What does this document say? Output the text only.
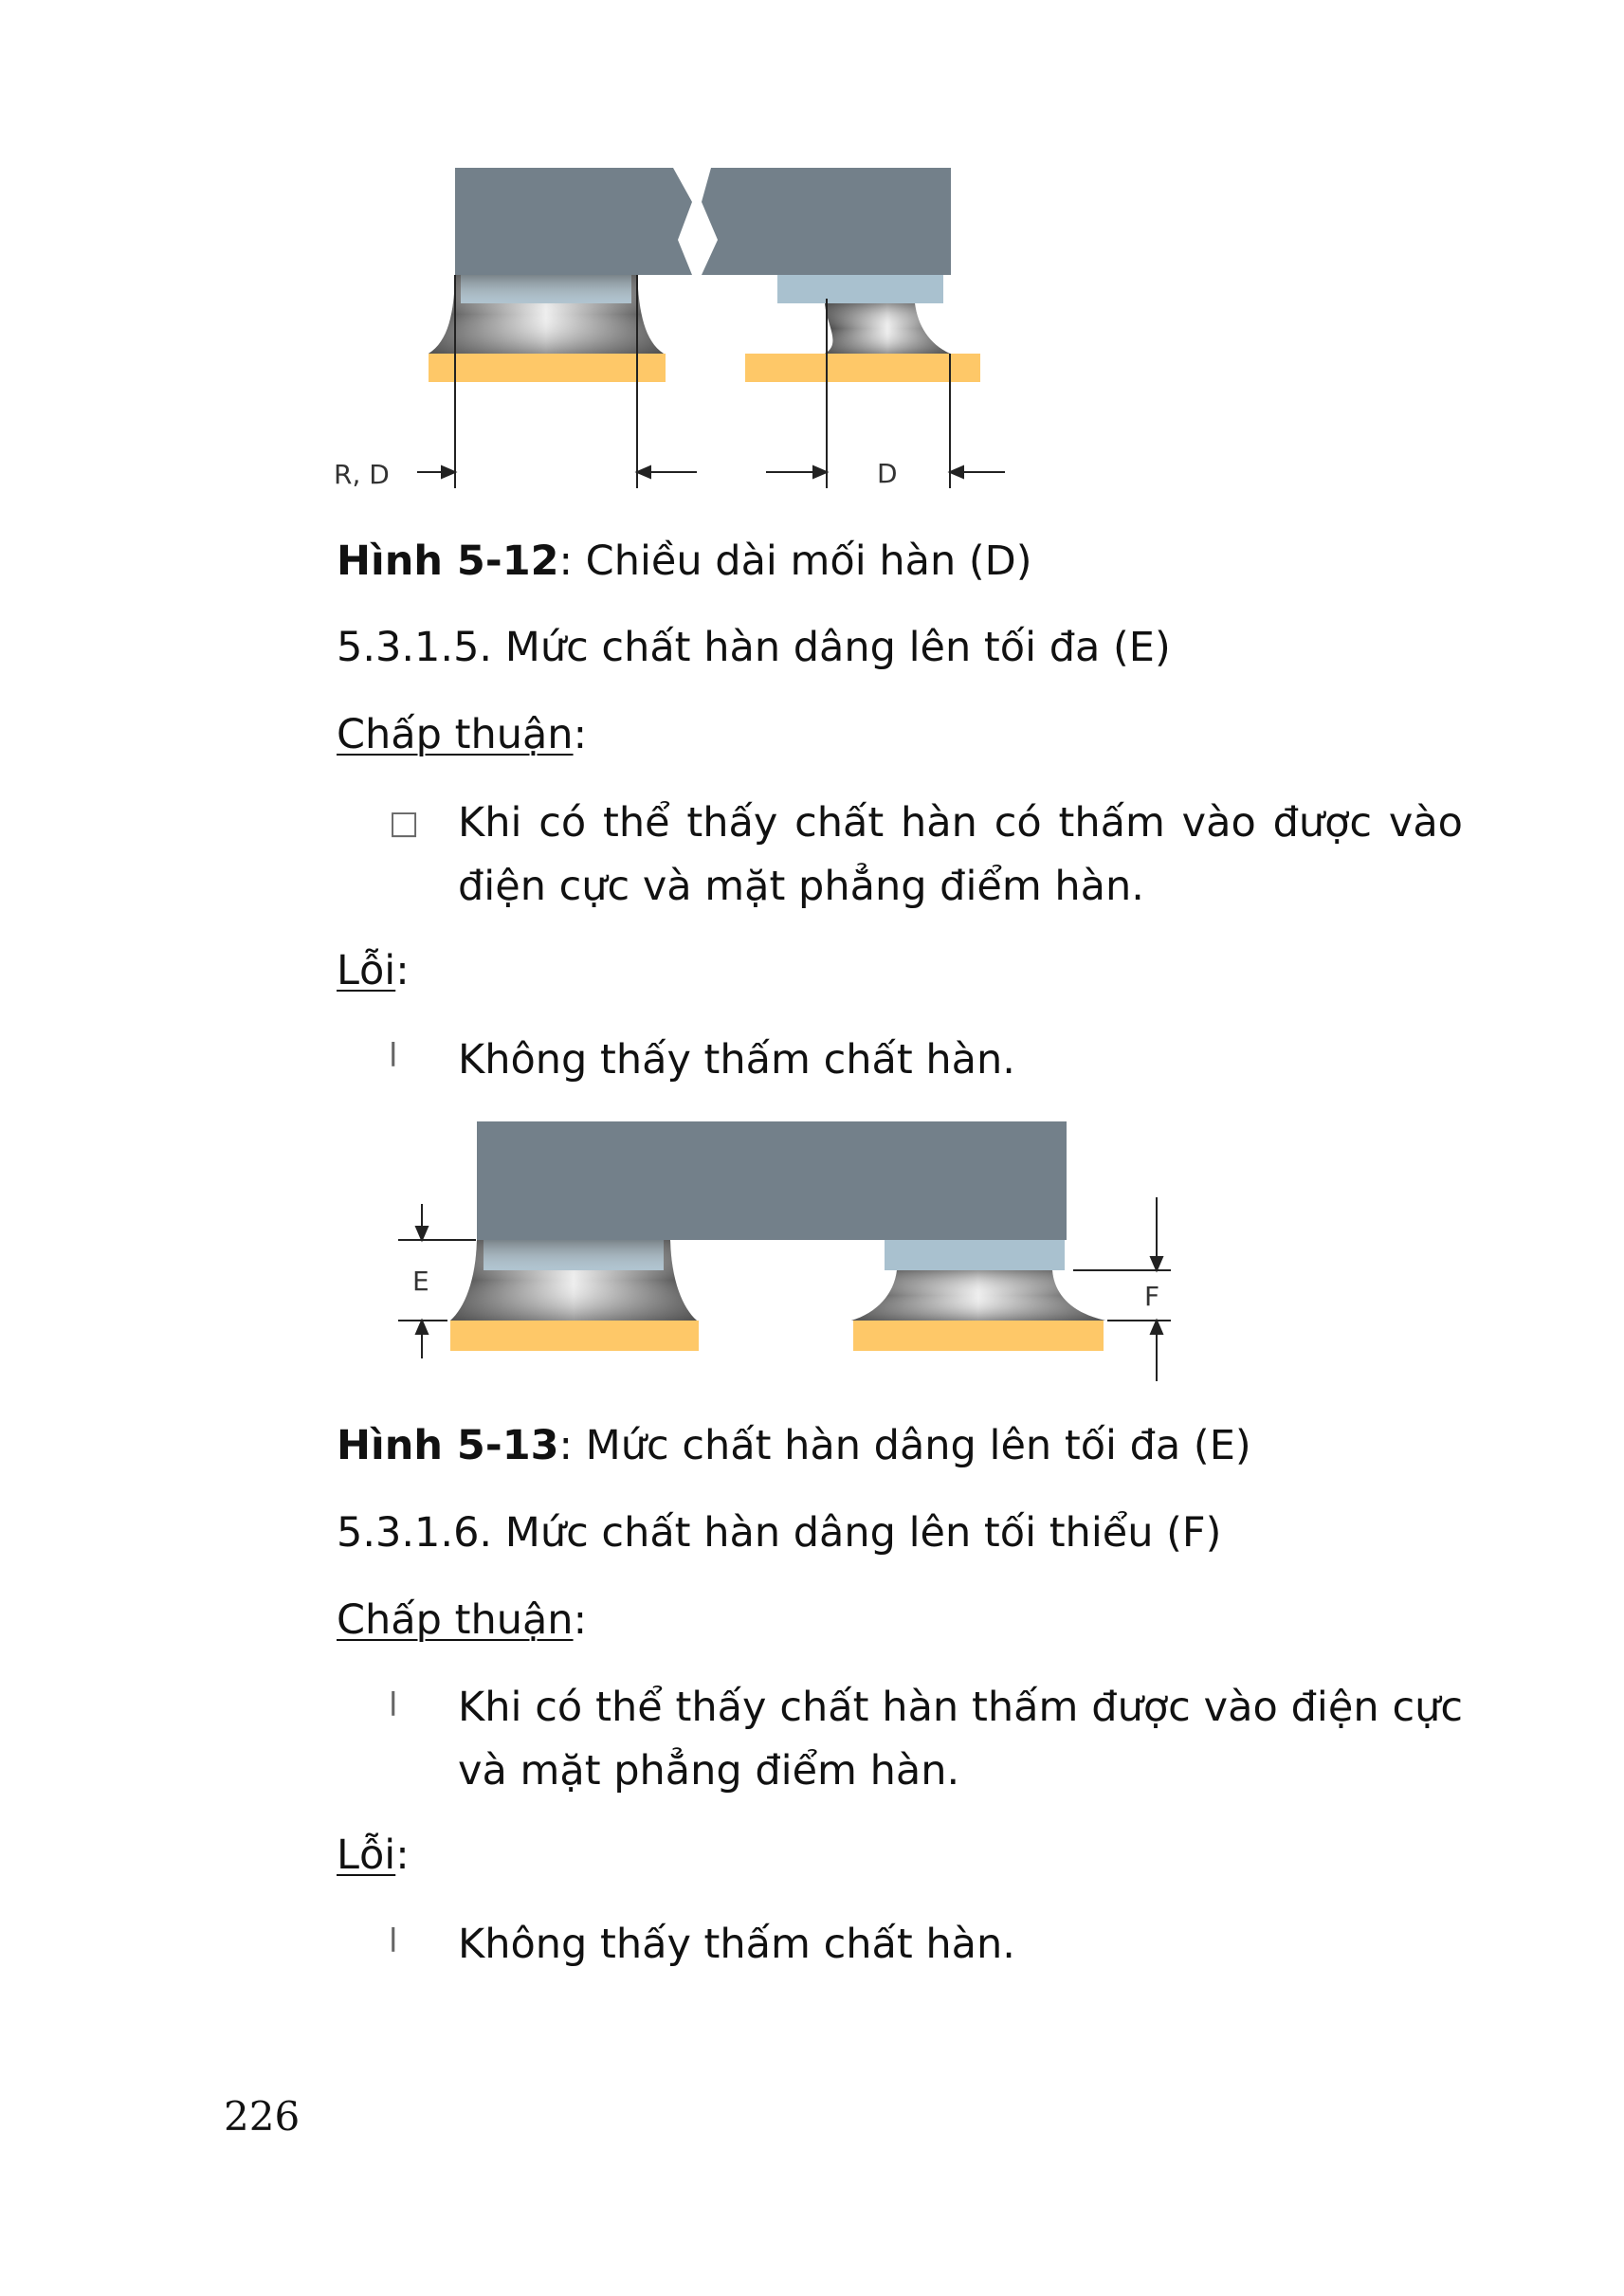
R, D	D
Hình 5-12: Chiều dài mối hàn (D)
5.3.1.5. Mức chất hàn dâng lên tối đa (E)
Chấp thuận:
□ Khi có thể thấy chất hàn có thấm vào được vào điện cực và mặt phẳng điểm hàn.
Lỗi:
l Không thấy thấm chất hàn.
E	F
Hình 5-13: Mức chất hàn dâng lên tối đa (E)
5.3.1.6. Mức chất hàn dâng lên tối thiểu (F)
Chấp thuận:
l Khi có thể thấy chất hàn thấm được vào điện cực và mặt phẳng điểm hàn.
Lỗi:
l Không thấy thấm chất hàn.
226
